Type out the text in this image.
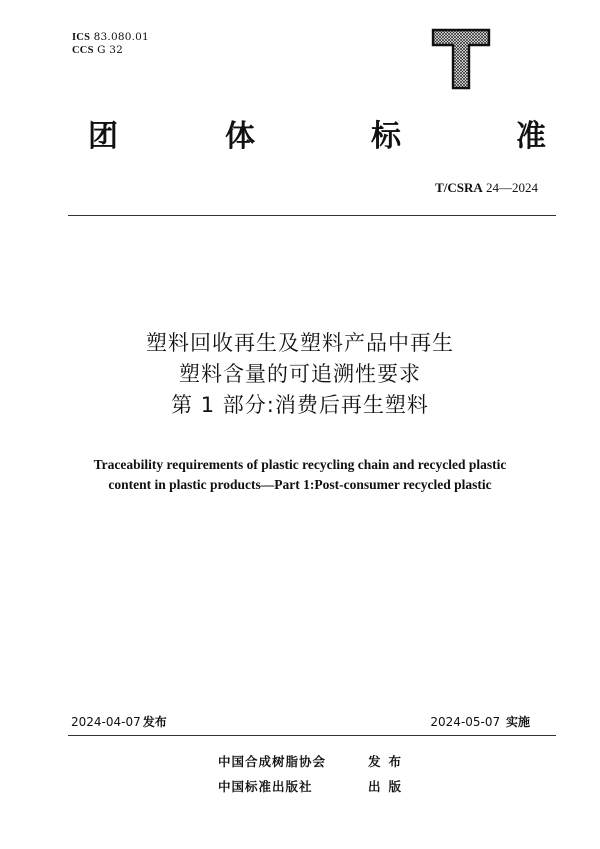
ICS 83.080.01
CCS G 32
团	体	标	准
T/CSRA 24—2024
塑料回收再生及塑料产品中再生
塑料含量的可追溯性要求
第 1 部分:消费后再生塑料
Traceability requirements of plastic recycling chain and recycled plastic
content in plastic products—Part 1:Post-consumer recycled plastic
2024-04-07 发布	2024-05-07 实施
中国合成树脂协会	发布
中国标准出版社	出版
